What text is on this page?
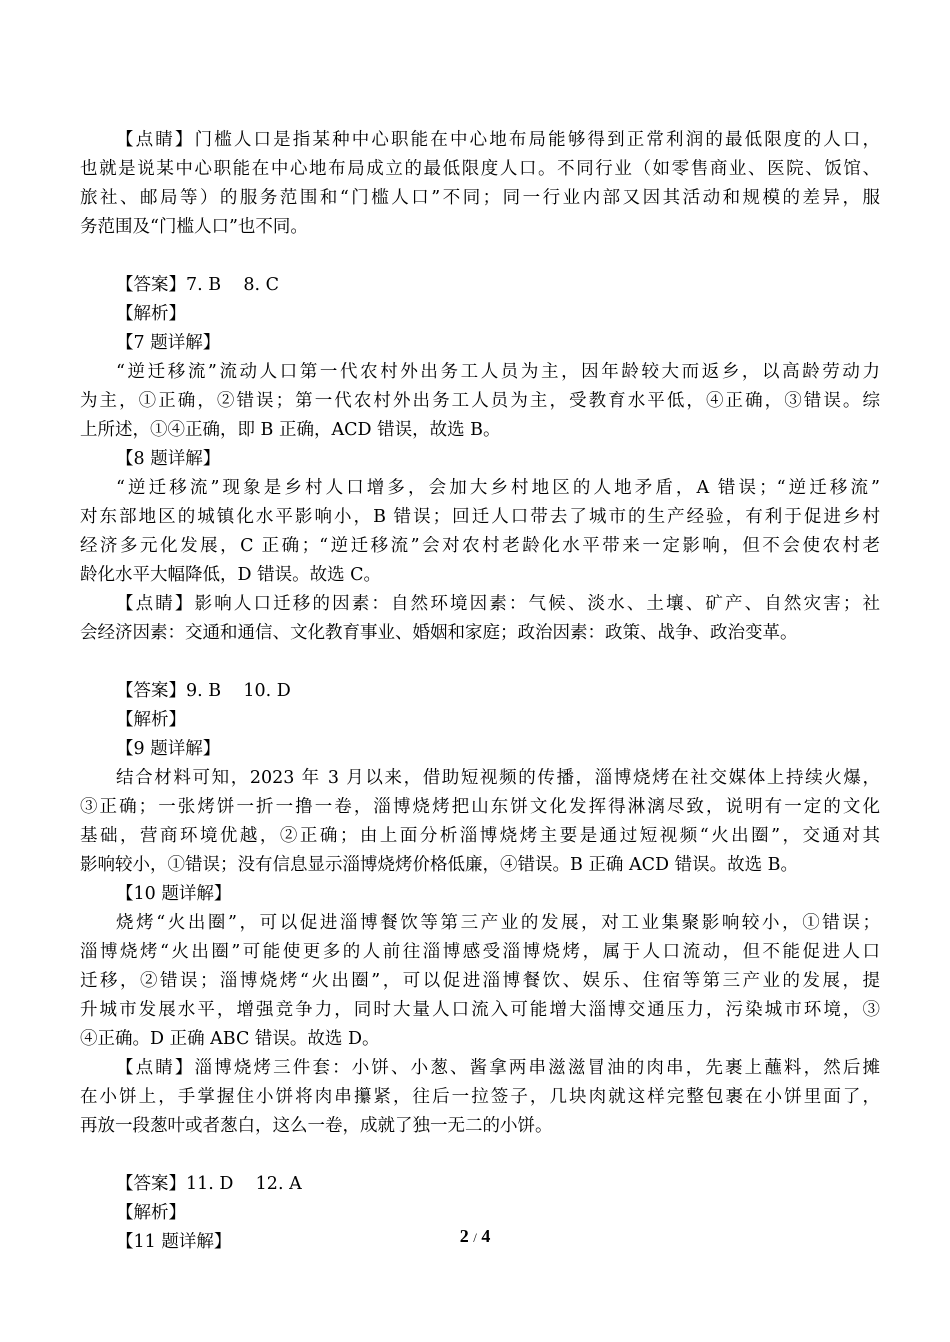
【点睛】门槛人口是指某种中心职能在中心地布局能够得到正常利润的最低限度的人口，

也就是说某中心职能在中心地布局成立的最低限度人口。不同行业（如零售商业、医院、饭馆、

旅社、邮局等）的服务范围和“门槛人口”不同；同一行业内部又因其活动和规模的差异，服

务范围及“门槛人口”也不同。

【答案】7. B    8. C

【解析】

【7 题详解】

“逆迁移流”流动人口第一代农村外出务工人员为主，因年龄较大而返乡，以高龄劳动力

为主，①正确，②错误；第一代农村外出务工人员为主，受教育水平低，④正确，③错误。综

上所述，①④正确，即 B 正确，ACD 错误，故选 B。

【8 题详解】

“逆迁移流”现象是乡村人口增多，会加大乡村地区的人地矛盾，A 错误；“逆迁移流”

对东部地区的城镇化水平影响小，B 错误；回迁人口带去了城市的生产经验，有利于促进乡村

经济多元化发展，C 正确；“逆迁移流”会对农村老龄化水平带来一定影响，但不会使农村老

龄化水平大幅降低，D 错误。故选 C。

【点睛】影响人口迁移的因素：自然环境因素：气候、淡水、土壤、矿产、自然灾害；社

会经济因素：交通和通信、文化教育事业、婚姻和家庭；政治因素：政策、战争、政治变革。

【答案】9. B    10. D

【解析】

【9 题详解】

结合材料可知，2023 年 3 月以来，借助短视频的传播，淄博烧烤在社交媒体上持续火爆，

③正确；一张烤饼一折一撸一卷，淄博烧烤把山东饼文化发挥得淋漓尽致，说明有一定的文化

基础，营商环境优越，②正确；由上面分析淄博烧烤主要是通过短视频“火出圈”，交通对其

影响较小，①错误；没有信息显示淄博烧烤价格低廉，④错误。B 正确 ACD 错误。故选 B。

【10 题详解】

烧烤“火出圈”，可以促进淄博餐饮等第三产业的发展，对工业集聚影响较小，①错误；

淄博烧烤“火出圈”可能使更多的人前往淄博感受淄博烧烤，属于人口流动，但不能促进人口

迁移，②错误；淄博烧烤“火出圈”，可以促进淄博餐饮、娱乐、住宿等第三产业的发展，提

升城市发展水平，增强竞争力，同时大量人口流入可能增大淄博交通压力，污染城市环境，③

④正确。D 正确 ABC 错误。故选 D。

【点睛】淄博烧烤三件套：小饼、小葱、酱拿两串滋滋冒油的肉串，先裹上蘸料，然后摊

在小饼上，手掌握住小饼将肉串攥紧，往后一拉签子，几块肉就这样完整包裹在小饼里面了，

再放一段葱叶或者葱白，这么一卷，成就了独一无二的小饼。

【答案】11. D    12. A

【解析】

【11 题详解】	2 / 4
